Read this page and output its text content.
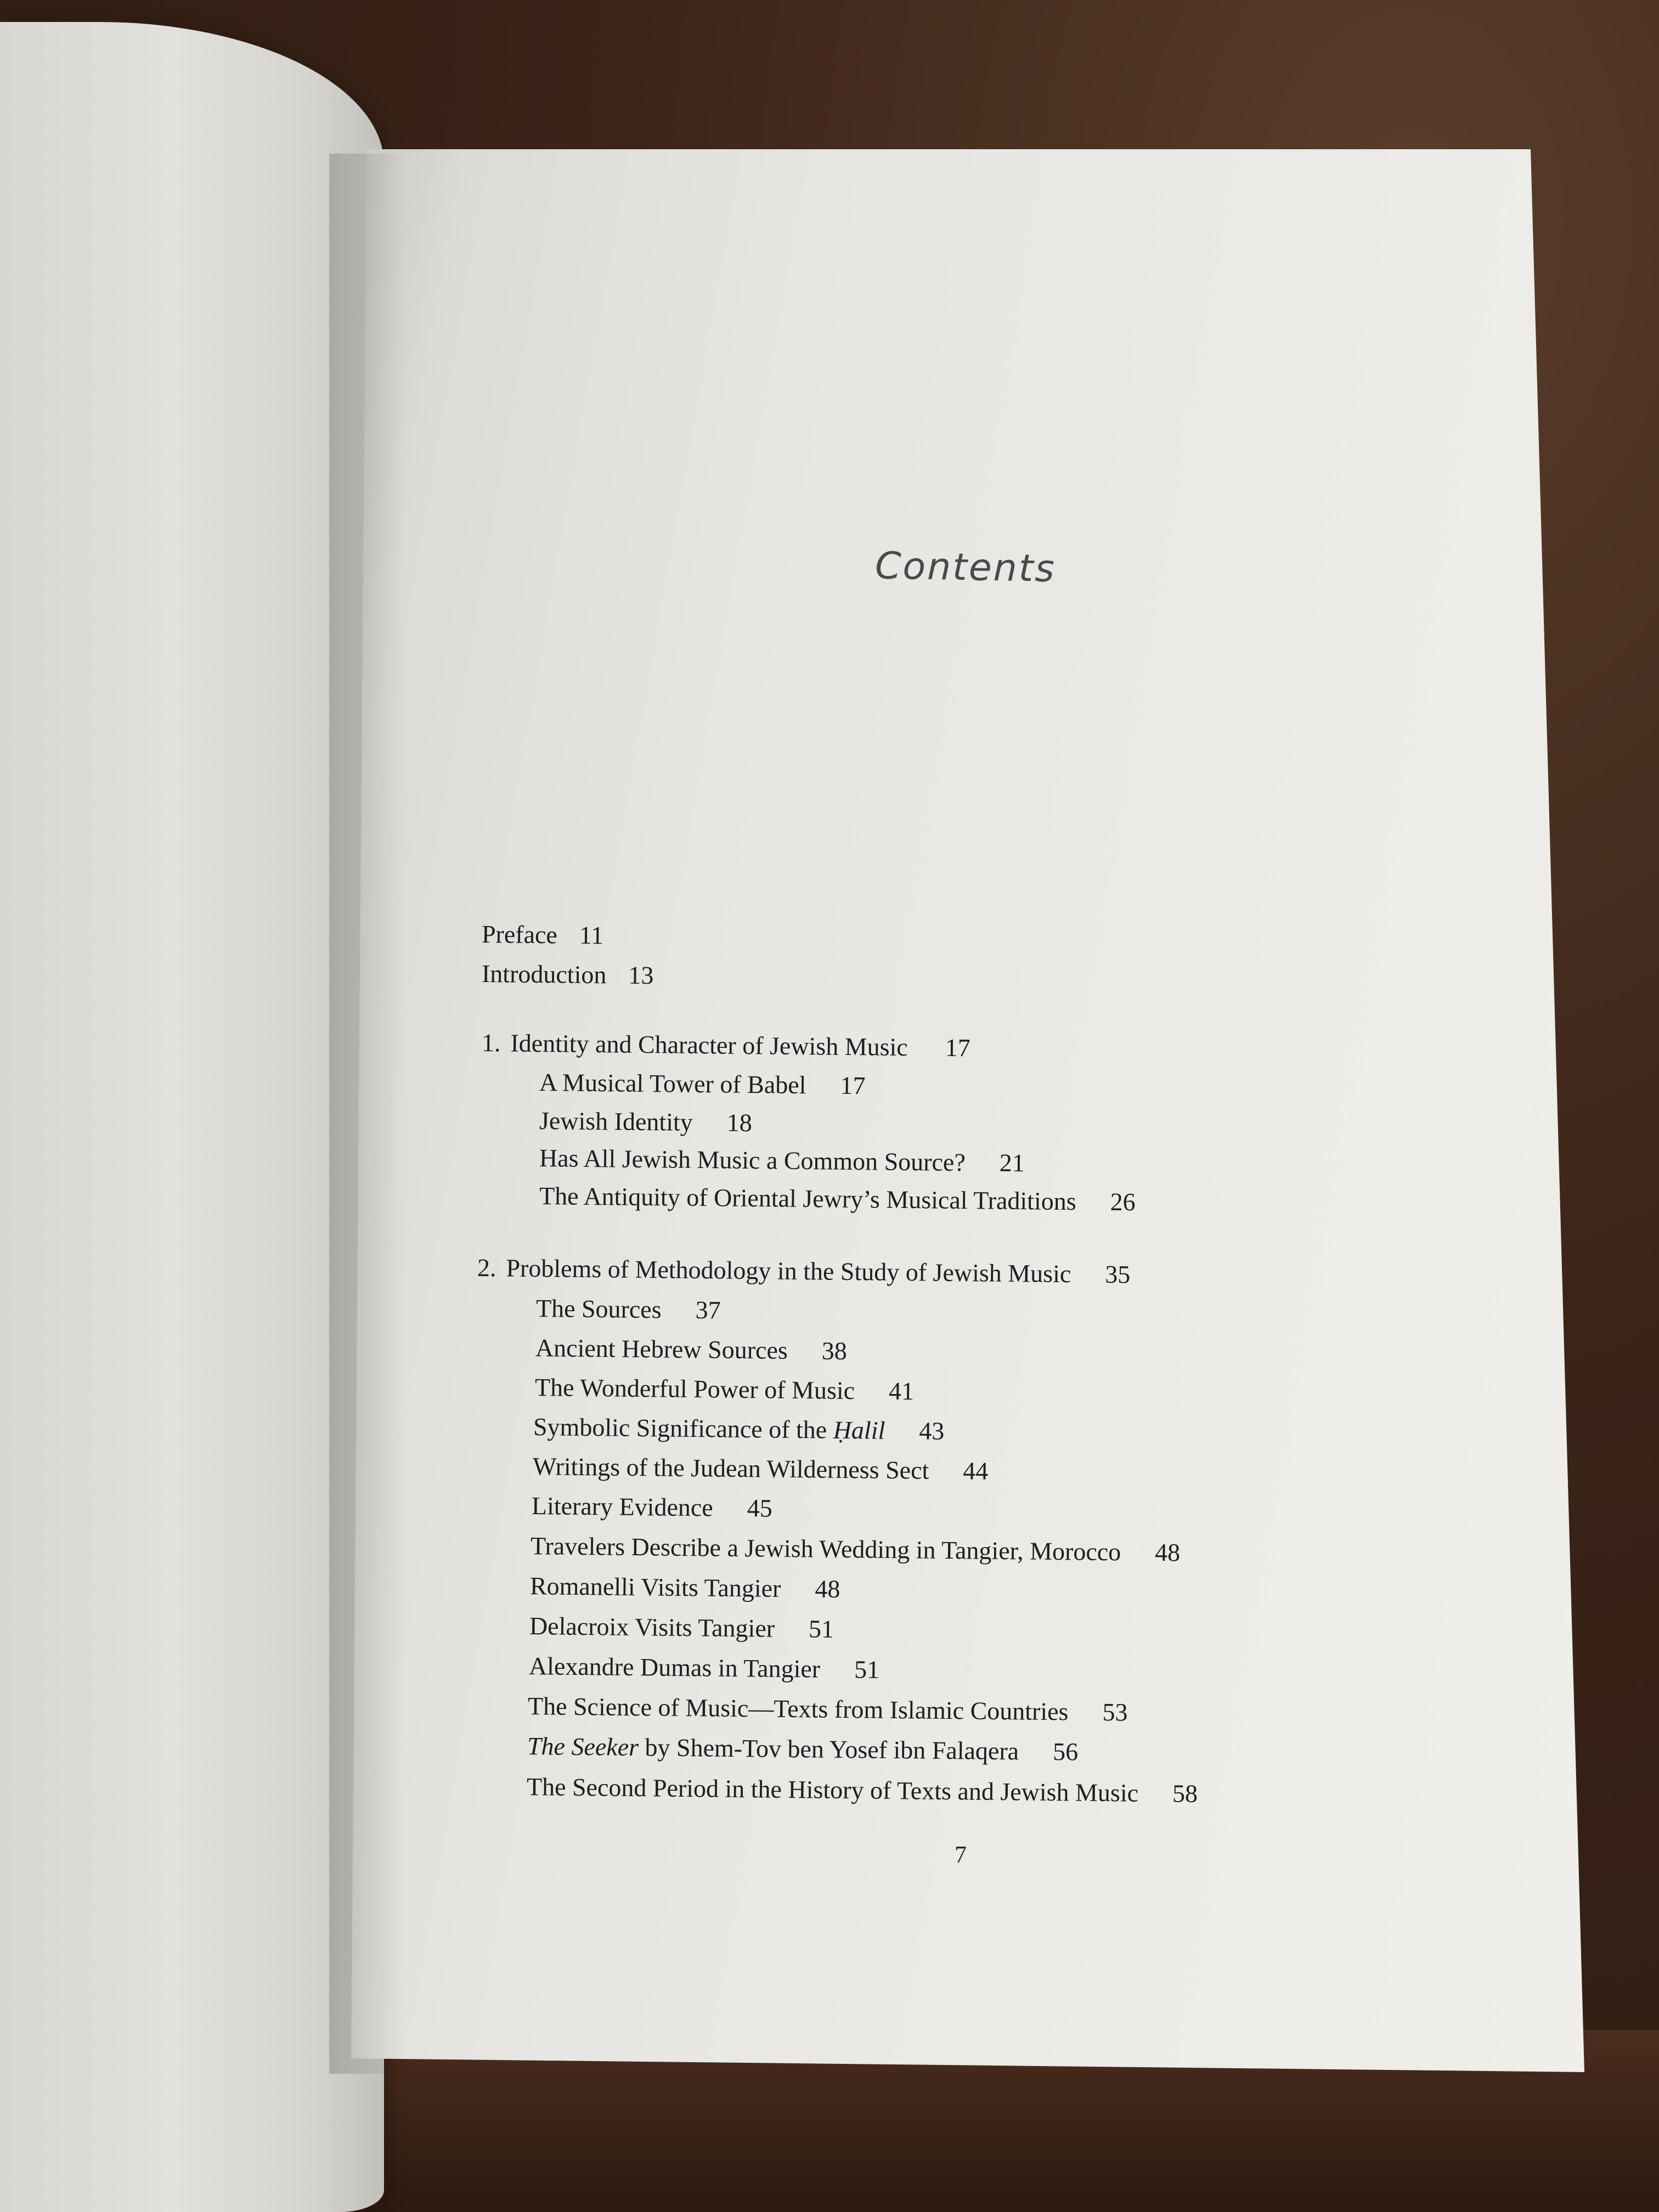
Contents
Preface 11
Introduction 13
1. Identity and Character of Jewish Music 17
A Musical Tower of Babel 17
Jewish Identity 18
Has All Jewish Music a Common Source? 21
The Antiquity of Oriental Jewry’s Musical Traditions 26
2. Problems of Methodology in the Study of Jewish Music 35
The Sources 37
Ancient Hebrew Sources 38
The Wonderful Power of Music 41
Symbolic Significance of the Ḥalil 43
Writings of the Judean Wilderness Sect 44
Literary Evidence 45
Travelers Describe a Jewish Wedding in Tangier, Morocco 48
Romanelli Visits Tangier 48
Delacroix Visits Tangier 51
Alexandre Dumas in Tangier 51
The Science of Music—Texts from Islamic Countries 53
The Seeker by Shem-Tov ben Yosef ibn Falaqera 56
The Second Period in the History of Texts and Jewish Music 58
7
